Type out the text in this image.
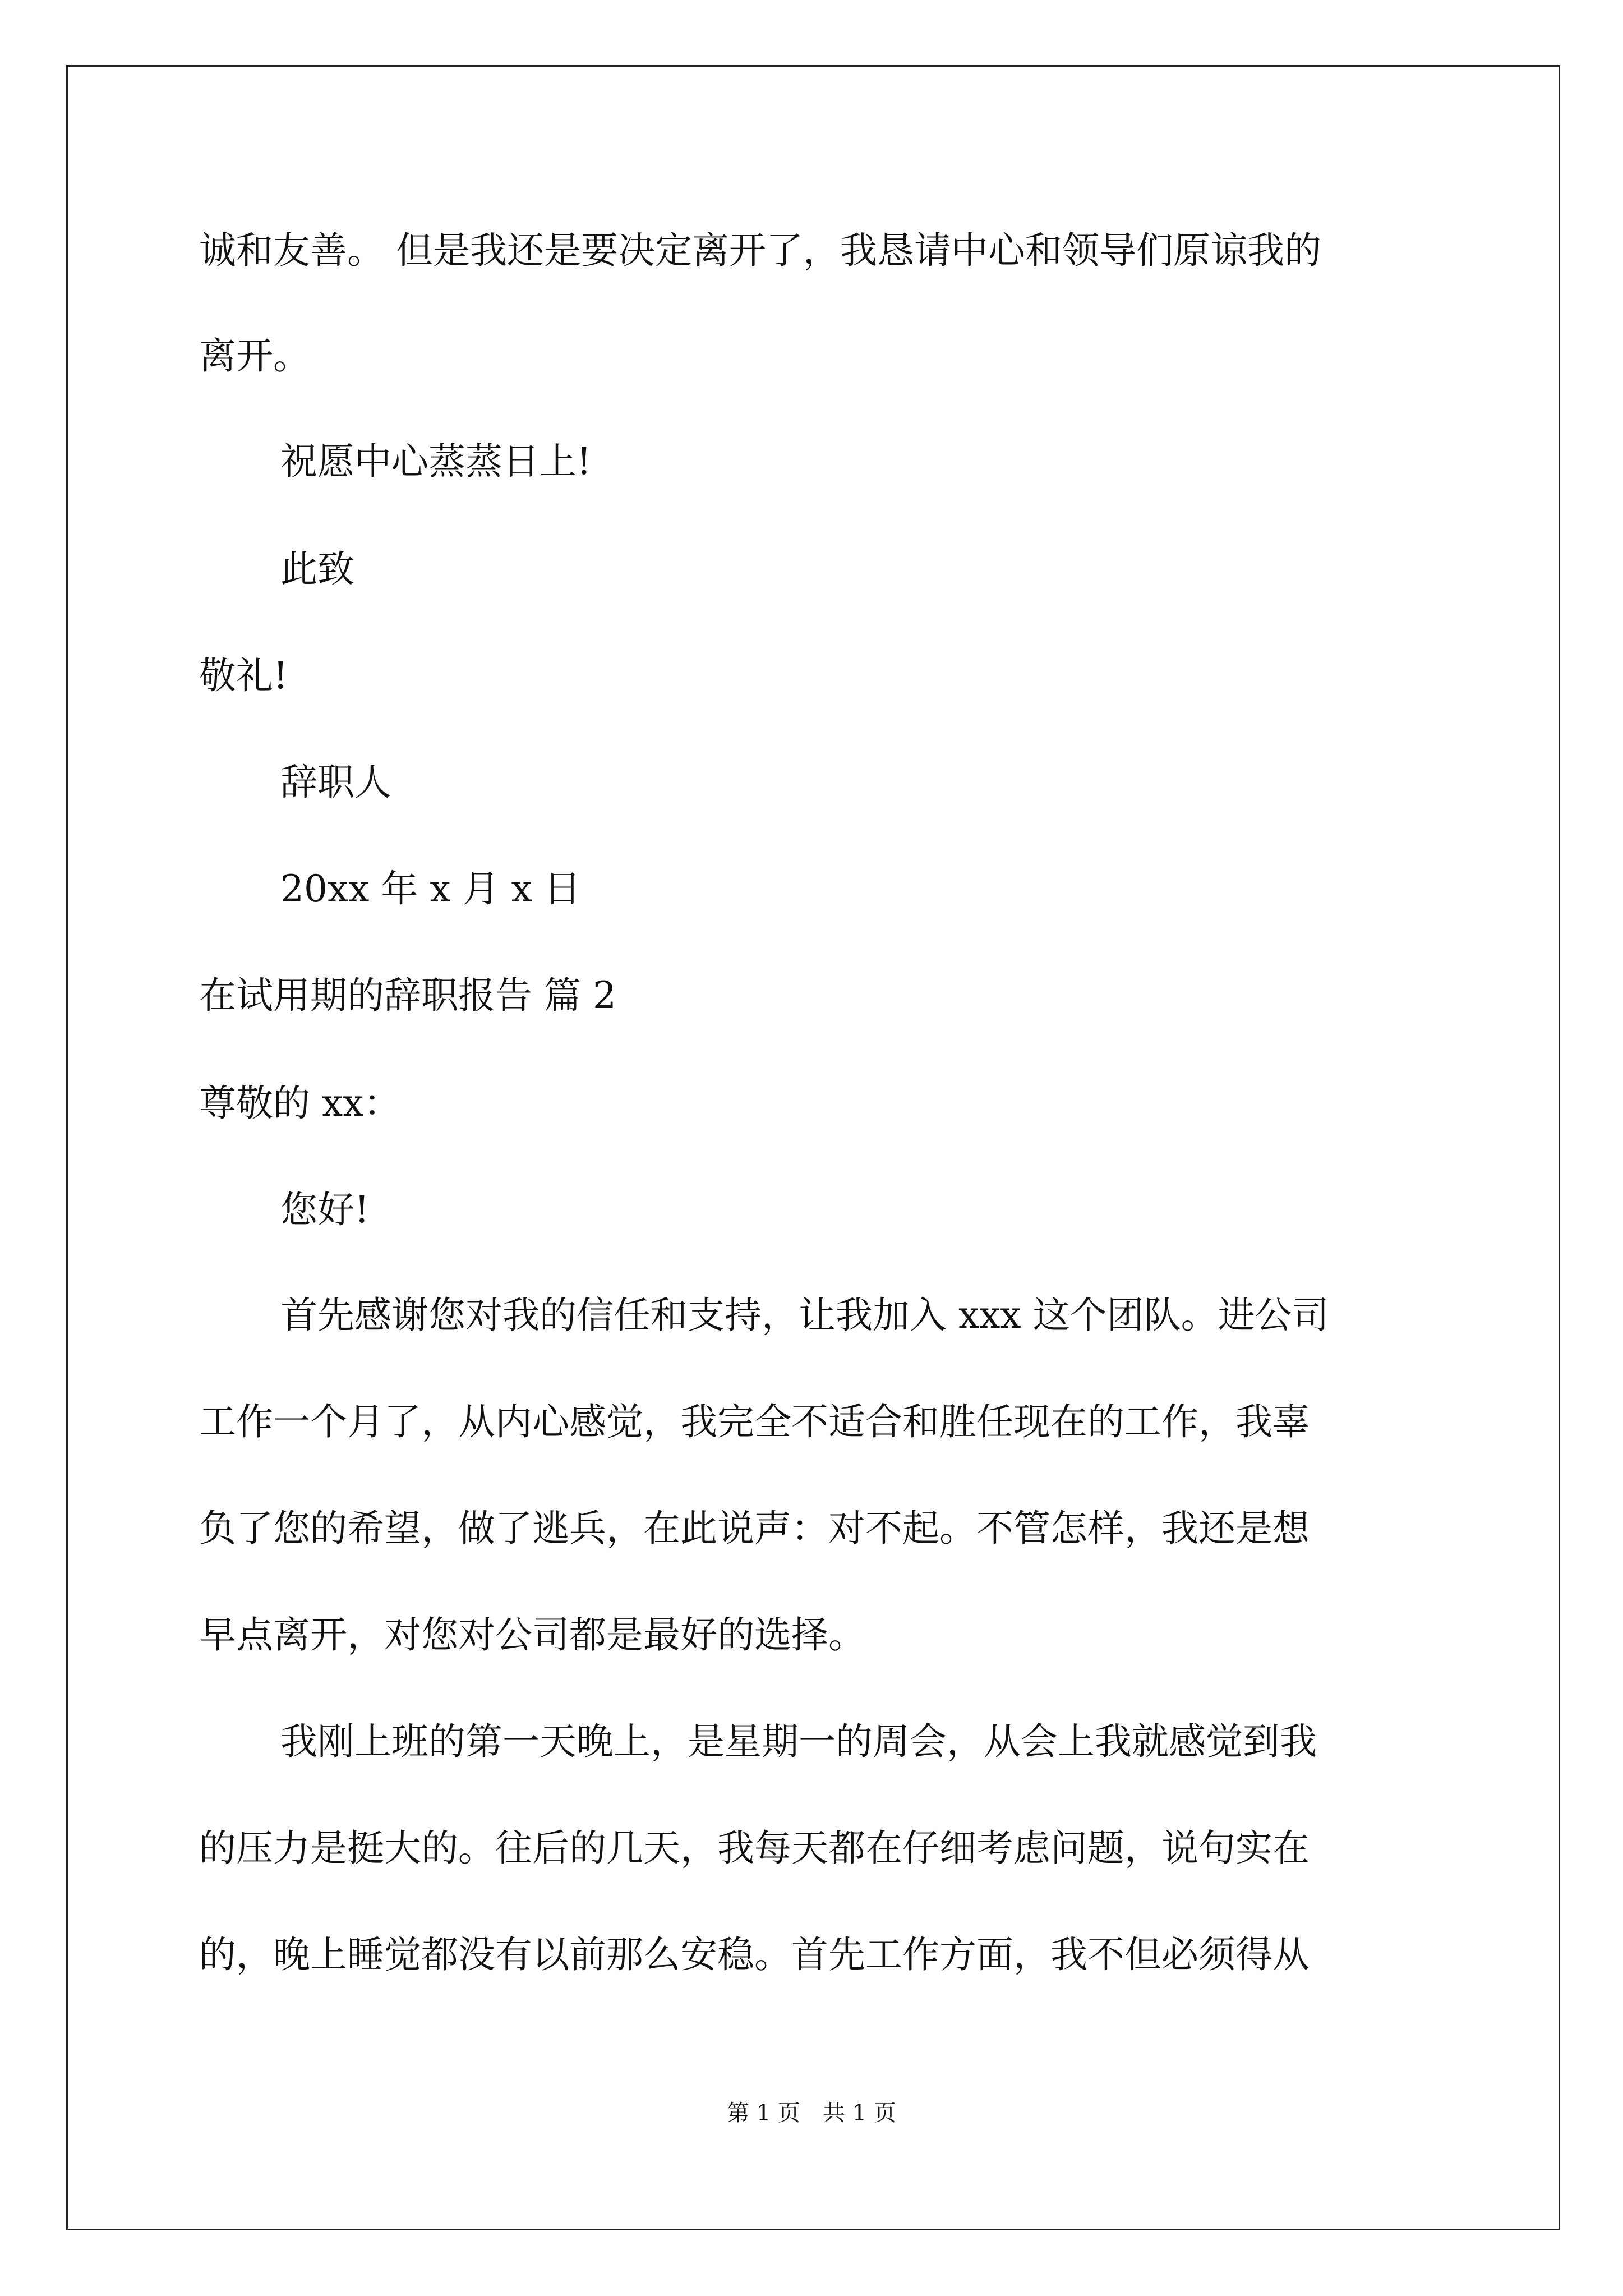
诚和友善。 但是我还是要决定离开了，我恳请中心和领导们原谅我的
离开。
祝愿中心蒸蒸日上!
此致
敬礼!
辞职人
20xx 年 x 月 x 日
在试用期的辞职报告 篇 2
尊敬的 xx：
您好!
首先感谢您对我的信任和支持，让我加入 xxx 这个团队。进公司
工作一个月了，从内心感觉，我完全不适合和胜任现在的工作，我辜
负了您的希望，做了逃兵，在此说声：对不起。不管怎样，我还是想
早点离开，对您对公司都是最好的选择。
我刚上班的第一天晚上，是星期一的周会，从会上我就感觉到我
的压力是挺大的。往后的几天，我每天都在仔细考虑问题，说句实在
的，晚上睡觉都没有以前那么安稳。首先工作方面，我不但必须得从
第 1 页　共 1 页
